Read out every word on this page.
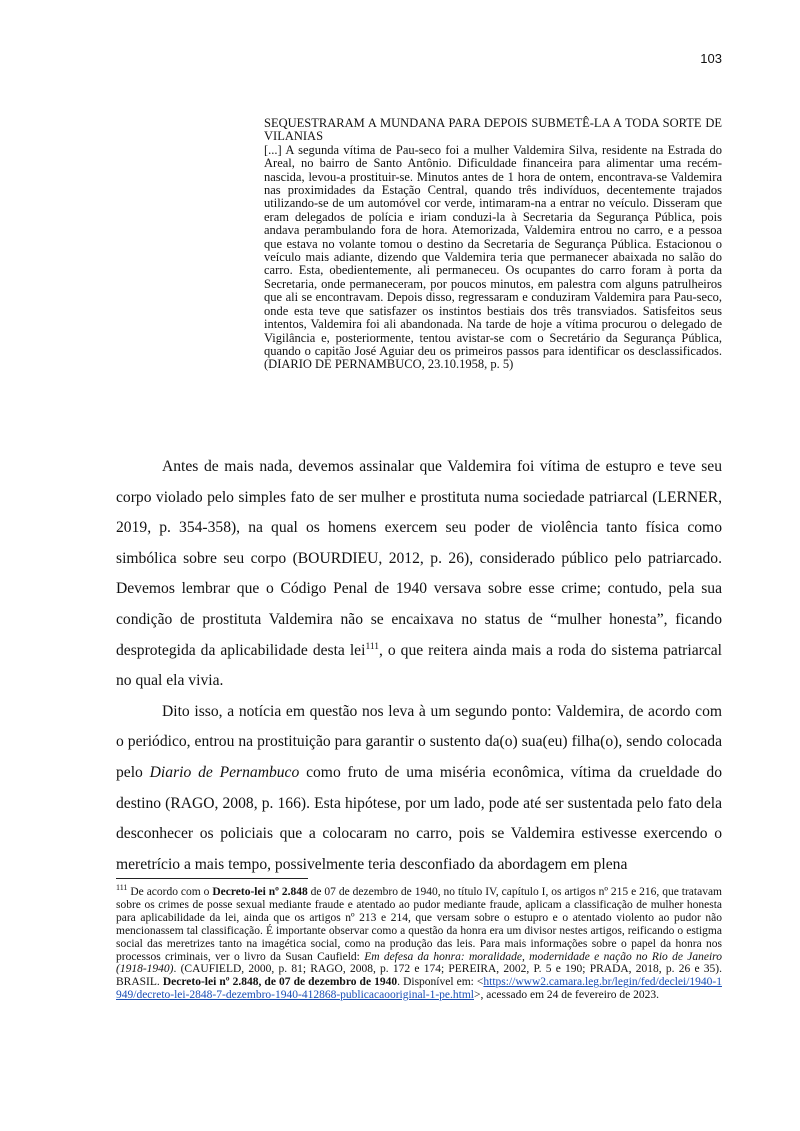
103

SEQUESTRARAM A MUNDANA PARA DEPOIS SUBMETÊ-LA A TODA SORTE DE VILANIAS

[...] A segunda vítima de Pau-seco foi a mulher Valdemira Silva, residente na Estrada do Areal, no bairro de Santo Antônio. Dificuldade financeira para alimentar uma recém-nascida, levou-a prostituir-se. Minutos antes de 1 hora de ontem, encontrava-se Valdemira nas proximidades da Estação Central, quando três indivíduos, decentemente trajados utilizando-se de um automóvel cor verde, intimaram-na a entrar no veículo. Disseram que eram delegados de polícia e iriam conduzi-la à Secretaria da Segurança Pública, pois andava perambulando fora de hora. Atemorizada, Valdemira entrou no carro, e a pessoa que estava no volante tomou o destino da Secretaria de Segurança Pública. Estacionou o veículo mais adiante, dizendo que Valdemira teria que permanecer abaixada no salão do carro. Esta, obedientemente, ali permaneceu. Os ocupantes do carro foram à porta da Secretaria, onde permaneceram, por poucos minutos, em palestra com alguns patrulheiros que ali se encontravam. Depois disso, regressaram e conduziram Valdemira para Pau-seco, onde esta teve que satisfazer os instintos bestiais dos três transviados. Satisfeitos seus intentos, Valdemira foi ali abandonada. Na tarde de hoje a vítima procurou o delegado de Vigilância e, posteriormente, tentou avistar-se com o Secretário da Segurança Pública, quando o capitão José Aguiar deu os primeiros passos para identificar os desclassificados. (DIARIO DE PERNAMBUCO, 23.10.1958, p. 5)

Antes de mais nada, devemos assinalar que Valdemira foi vítima de estupro e teve seu corpo violado pelo simples fato de ser mulher e prostituta numa sociedade patriarcal (LERNER, 2019, p. 354-358), na qual os homens exercem seu poder de violência tanto física como simbólica sobre seu corpo (BOURDIEU, 2012, p. 26), considerado público pelo patriarcado. Devemos lembrar que o Código Penal de 1940 versava sobre esse crime; contudo, pela sua condição de prostituta Valdemira não se encaixava no status de “mulher honesta”, ficando desprotegida da aplicabilidade desta lei$^{111}$, o que reitera ainda mais a roda do sistema patriarcal no qual ela vivia.

Dito isso, a notícia em questão nos leva à um segundo ponto: Valdemira, de acordo com o periódico, entrou na prostituição para garantir o sustento da(o) sua(eu) filha(o), sendo colocada pelo Diario de Pernambuco como fruto de uma miséria econômica, vítima da crueldade do destino (RAGO, 2008, p. 166). Esta hipótese, por um lado, pode até ser sustentada pelo fato dela desconhecer os policiais que a colocaram no carro, pois se Valdemira estivesse exercendo o meretrício a mais tempo, possivelmente teria desconfiado da abordagem em plena

$^{111}$ De acordo com o Decreto-lei nº 2.848 de 07 de dezembro de 1940, no título IV, capítulo I, os artigos nº 215 e 216, que tratavam sobre os crimes de posse sexual mediante fraude e atentado ao pudor mediante fraude, aplicam a classificação de mulher honesta para aplicabilidade da lei, ainda que os artigos nº 213 e 214, que versam sobre o estupro e o atentado violento ao pudor não mencionassem tal classificação. É importante observar como a questão da honra era um divisor nestes artigos, reificando o estigma social das meretrizes tanto na imagética social, como na produção das leis. Para mais informações sobre o papel da honra nos processos criminais, ver o livro da Susan Caufield: Em defesa da honra: moralidade, modernidade e nação no Rio de Janeiro (1918-1940). (CAUFIELD, 2000, p. 81; RAGO, 2008, p. 172 e 174; PEREIRA, 2002, P. 5 e 190; PRADA, 2018, p. 26 e 35). BRASIL. Decreto-lei nº 2.848, de 07 de dezembro de 1940. Disponível em: <https://www2.camara.leg.br/legin/fed/declei/1940-1949/decreto-lei-2848-7-dezembro-1940-412868-publicacaooriginal-1-pe.html>, acessado em 24 de fevereiro de 2023.
